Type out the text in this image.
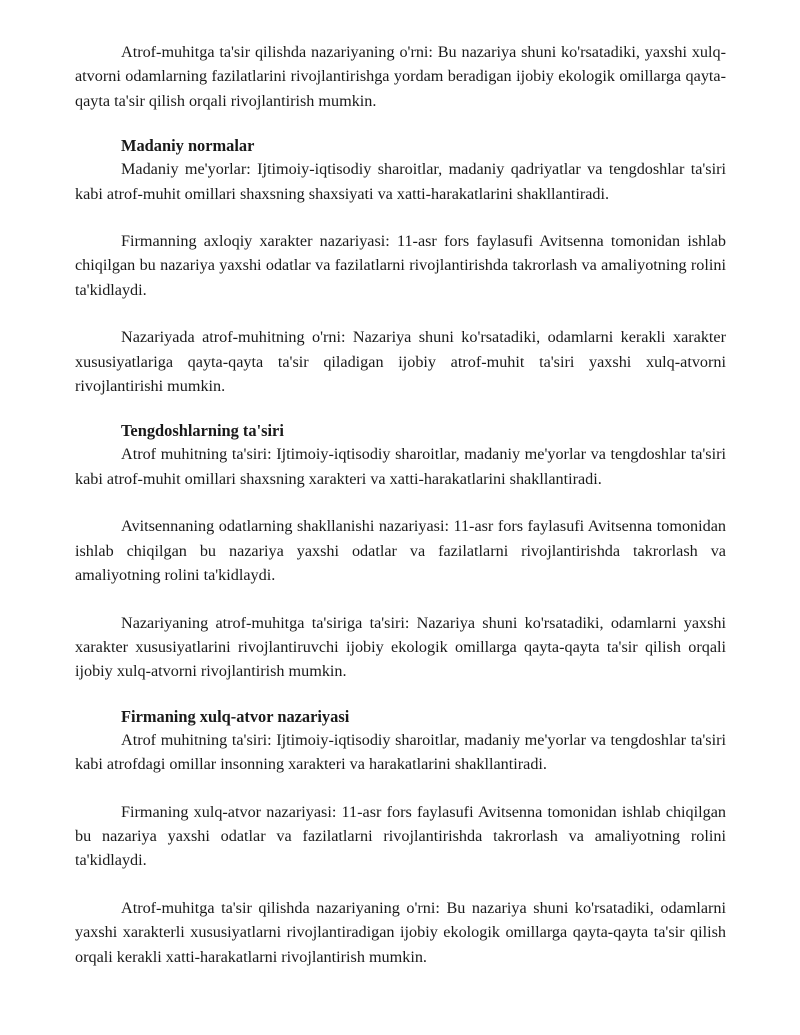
Atrof-muhitga ta'sir qilishda nazariyaning o'rni: Bu nazariya shuni ko'rsatadiki, yaxshi xulq-atvorni odamlarning fazilatlarini rivojlantirishga yordam beradigan ijobiy ekologik omillarga qayta-qayta ta'sir qilish orqali rivojlantirish mumkin.

Madaniy normalar

Madaniy me'yorlar: Ijtimoiy-iqtisodiy sharoitlar, madaniy qadriyatlar va tengdoshlar ta'siri kabi atrof-muhit omillari shaxsning shaxsiyati va xatti-harakatlarini shakllantiradi.

Firmanning axloqiy xarakter nazariyasi: 11-asr fors faylasufi Avitsenna tomonidan ishlab chiqilgan bu nazariya yaxshi odatlar va fazilatlarni rivojlantirishda takrorlash va amaliyotning rolini ta'kidlaydi.

Nazariyada atrof-muhitning o'rni: Nazariya shuni ko'rsatadiki, odamlarni kerakli xarakter xususiyatlariga qayta-qayta ta'sir qiladigan ijobiy atrof-muhit ta'siri yaxshi xulq-atvorni rivojlantirishi mumkin.

Tengdoshlarning ta'siri

Atrof muhitning ta'siri: Ijtimoiy-iqtisodiy sharoitlar, madaniy me'yorlar va tengdoshlar ta'siri kabi atrof-muhit omillari shaxsning xarakteri va xatti-harakatlarini shakllantiradi.

Avitsennaning odatlarning shakllanishi nazariyasi: 11-asr fors faylasufi Avitsenna tomonidan ishlab chiqilgan bu nazariya yaxshi odatlar va fazilatlarni rivojlantirishda takrorlash va amaliyotning rolini ta'kidlaydi.

Nazariyaning atrof-muhitga ta'siriga ta'siri: Nazariya shuni ko'rsatadiki, odamlarni yaxshi xarakter xususiyatlarini rivojlantiruvchi ijobiy ekologik omillarga qayta-qayta ta'sir qilish orqali ijobiy xulq-atvorni rivojlantirish mumkin.

Firmaning xulq-atvor nazariyasi

Atrof muhitning ta'siri: Ijtimoiy-iqtisodiy sharoitlar, madaniy me'yorlar va tengdoshlar ta'siri kabi atrofdagi omillar insonning xarakteri va harakatlarini shakllantiradi.

Firmaning xulq-atvor nazariyasi: 11-asr fors faylasufi Avitsenna tomonidan ishlab chiqilgan bu nazariya yaxshi odatlar va fazilatlarni rivojlantirishda takrorlash va amaliyotning rolini ta'kidlaydi.

Atrof-muhitga ta'sir qilishda nazariyaning o'rni: Bu nazariya shuni ko'rsatadiki, odamlarni yaxshi xarakterli xususiyatlarni rivojlantiradigan ijobiy ekologik omillarga qayta-qayta ta'sir qilish orqali kerakli xatti-harakatlarni rivojlantirish mumkin.
